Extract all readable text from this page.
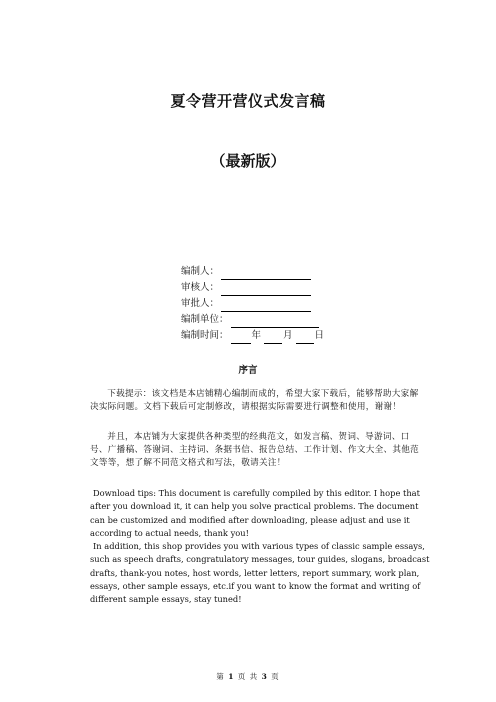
夏令营开营仪式发言稿
（最新版）
编制人：
审核人：
审批人：
编制单位：
编制时间： 年 月 日
序言

下载提示：该文档是本店铺精心编制而成的，希望大家下载后，能够帮助大家解决实际问题。文档下载后可定制修改，请根据实际需要进行调整和使用，谢谢！

并且，本店铺为大家提供各种类型的经典范文，如发言稿、贺词、导游词、口号、广播稿、答谢词、主持词、条据书信、报告总结、工作计划、作文大全、其他范文等等，想了解不同范文格式和写法，敬请关注！

Download tips: This document is carefully compiled by this editor. I hope that after you download it, it can help you solve practical problems. The document can be customized and modified after downloading, please adjust and use it according to actual needs, thank you!

In addition, this shop provides you with various types of classic sample essays, such as speech drafts, congratulatory messages, tour guides, slogans, broadcast drafts, thank-you notes, host words, letter letters, report summary, work plan, essays, other sample essays, etc.if you want to know the format and writing of different sample essays, stay tuned!

第 1 页 共 3 页
